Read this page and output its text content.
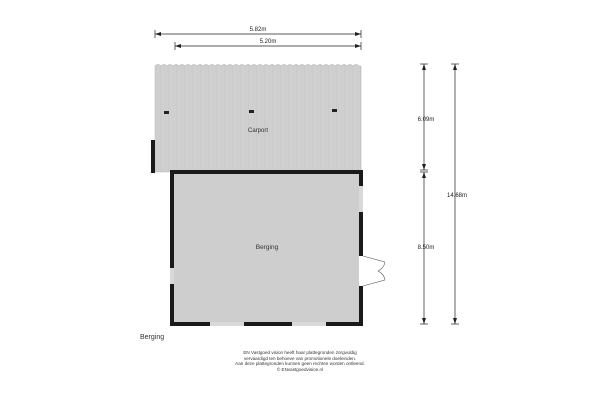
5.82m
5.20m
Carport
Berging
6.09m
8.50m
14.68m
Berging
EN Vastgoed vision heeft haar plattegronden zorgvuldig
vervaardigd ten behoeve van promotionele doeleinden.
Aan deze plattegronden kunnen geen rechten worden ontleend.
© ENvastgoedvision.nl
